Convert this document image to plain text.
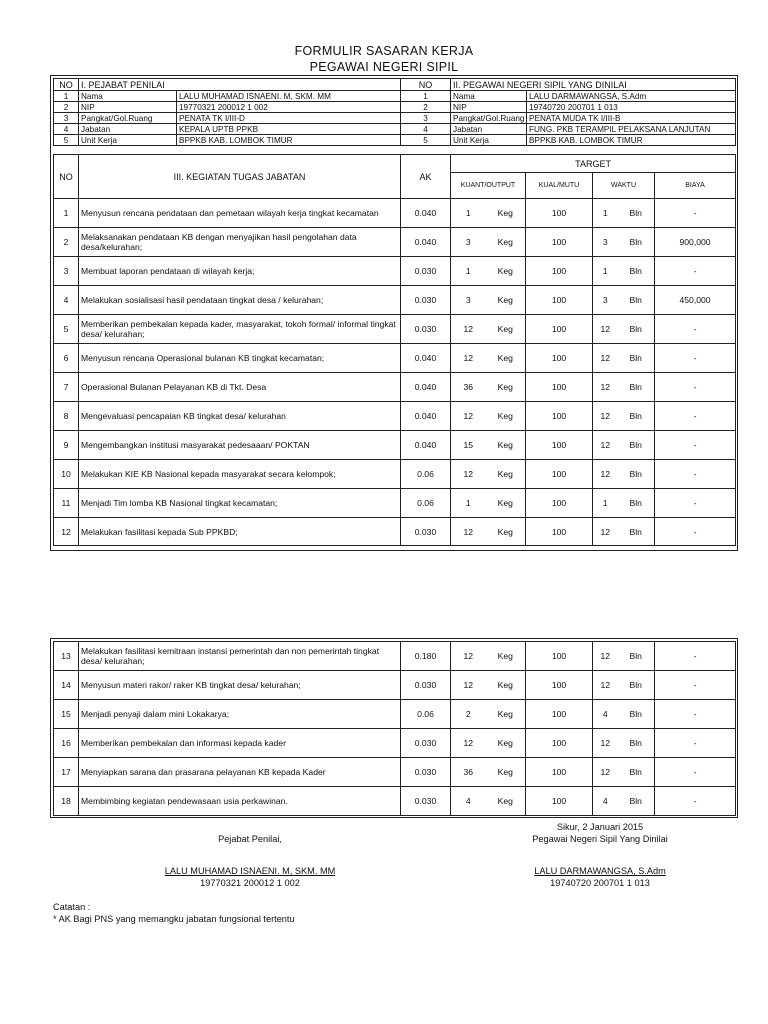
FORMULIR SASARAN KERJA
PEGAWAI NEGERI SIPIL
NO	I. PEJABAT PENILAI		NO	II. PEGAWAI NEGERI SIPIL YANG DINILAI	
1	Nama	LALU MUHAMAD ISNAENI. M, SKM. MM	1	Nama	LALU DARMAWANGSA, S.Adm
2	NIP	19770321 200012 1 002	2	NIP	19740720 200701 1 013
3	Pangkat/Gol.Ruang	PENATA TK I/III-D	3	Pangkat/Gol.Ruang	PENATA MUDA TK I/III-B
4	Jabatan	KEPALA UPTB PPKB	4	Jabatan	FUNG. PKB TERAMPIL PELAKSANA LANJUTAN
5	Unit Kerja	BPPKB KAB. LOMBOK TIMUR	5	Unit Kerja	BPPKB KAB. LOMBOK TIMUR
NO	III. KEGIATAN TUGAS JABATAN	AK	TARGET					
			KUANT/OUTPUT		KUAL/MUTU	WAKTU		BIAYA
1	Menyusun rencana pendataan dan pemetaan wilayah kerja tingkat kecamatan	0.040	1	Keg	100	1	Bln	-
2	Melaksanakan pendataan KB dengan menyajikan hasil pengolahan data desa/kelurahan;	0.040	3	Keg	100	3	Bln	900,000
3	Membuat laporan pendataan di wilayah kerja;	0.030	1	Keg	100	1	Bln	-
4	Melakukan sosialisasi hasil pendataan tingkat desa / kelurahan;	0.030	3	Keg	100	3	Bln	450,000
5	Memberikan pembekalan kepada kader, masyarakat, tokoh formal/ informal tingkat desa/ kelurahan;	0.030	12	Keg	100	12	Bln	-
6	Menyusun rencana Operasional bulanan KB tingkat kecamatan;	0.040	12	Keg	100	12	Bln	-
7	Operasional Bulanan Pelayanan KB di Tkt. Desa	0.040	36	Keg	100	12	Bln	-
8	Mengevaluasi pencapaian KB tingkat desa/ kelurahan	0.040	12	Keg	100	12	Bln	-
9	Mengembangkan institusi masyarakat pedesaaan/ POKTAN	0.040	15	Keg	100	12	Bln	-
10	Melakukan KIE KB Nasional kepada masyarakat secara kelompok;	0.06	12	Keg	100	12	Bln	-
11	Menjadi Tim lomba KB Nasional tingkat kecamatan;	0.06	1	Keg	100	1	Bln	-
12	Melakukan fasilitasi kepada Sub PPKBD;	0.030	12	Keg	100	12	Bln	-
13	Melakukan fasilitasi kemitraan instansi pemerintah dan non pemerintah tingkat desa/ kelurahan;	0.180	12	Keg	100	12	Bln	-
14	Menyusun materi rakor/ raker KB tingkat desa/ kelurahan;	0.030	12	Keg	100	12	Bln	-
15	Menjadi penyaji dalam mini Lokakarya;	0.06	2	Keg	100	4	Bln	-
16	Memberikan pembekalan dan informasi kepada kader	0.030	12	Keg	100	12	Bln	-
17	Menyiapkan sarana dan prasarana pelayanan KB kepada Kader	0.030	36	Keg	100	12	Bln	-
18	Membimbing kegiatan pendewasaan usia perkawinan.	0.030	4	Keg	100	4	Bln	-
Sikur, 2 Januari 2015
Pejabat Penilai,	Pegawai Negeri Sipil Yang Dinilai
LALU MUHAMAD ISNAENI. M, SKM. MM
19770321 200012 1 002
LALU DARMAWANGSA, S.Adm
19740720 200701 1 013
Catatan :
* AK Bagi PNS yang memangku jabatan fungsional tertentu
